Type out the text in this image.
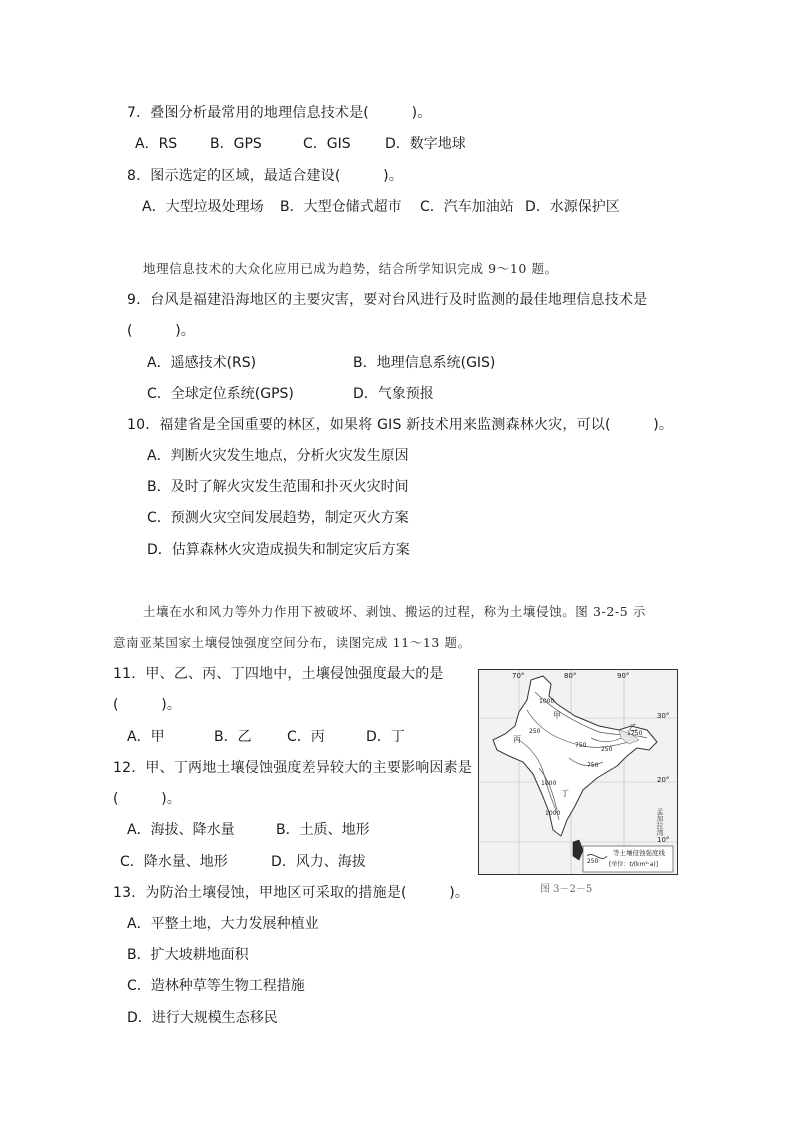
7．叠图分析最常用的地理信息技术是(　　　)。
A．RS B．GPS	C．GIS D．数字地球
8．图示选定的区域，最适合建设(　　　)。
A．大型垃圾处理场 B．大型仓储式超市 C．汽车加油站 D．水源保护区
地理信息技术的大众化应用已成为趋势，结合所学知识完成 9～10 题。
9．台风是福建沿海地区的主要灾害，要对台风进行及时监测的最佳地理信息技术是
(　　　)。
A．遥感技术(RS)	B．地理信息系统(GIS)
C．全球定位系统(GPS)	D．气象预报
10．福建省是全国重要的林区，如果将 GIS 新技术用来监测森林火灾，可以(　　　)。
A．判断火灾发生地点，分析火灾发生原因
B．及时了解火灾发生范围和扑灭火灾时间
C．预测火灾空间发展趋势，制定灭火方案
D．估算森林火灾造成损失和制定灾后方案
土壤在水和风力等外力作用下被破坏、剥蚀、搬运的过程，称为土壤侵蚀。图 3-2-5 示
意南亚某国家土壤侵蚀强度空间分布，读图完成 11～13 题。
11．甲、乙、丙、丁四地中，土壤侵蚀强度最大的是
(　　　)。
A．甲	B．乙	C．丙	D．丁
12．甲、丁两地土壤侵蚀强度差异较大的主要影响因素是
(　　　)。
A．海拔、降水量	B．土质、地形
C．降水量、地形	D．风力、海拔
13．为防治土壤侵蚀，甲地区可采取的措施是(　　　)。
A．平整土地，大力发展种植业
B．扩大坡耕地面积
C．造林种草等生物工程措施
D．进行大规模生态移民
70°	80°	90°
30°
20°
10°
丙
甲
乙
丁
1000
250
750
1250
250
750
1000
1000	孟加拉湾
250
等土壤侵蚀强度线
[单位：t/(km²·a)]
图 3－2－5
